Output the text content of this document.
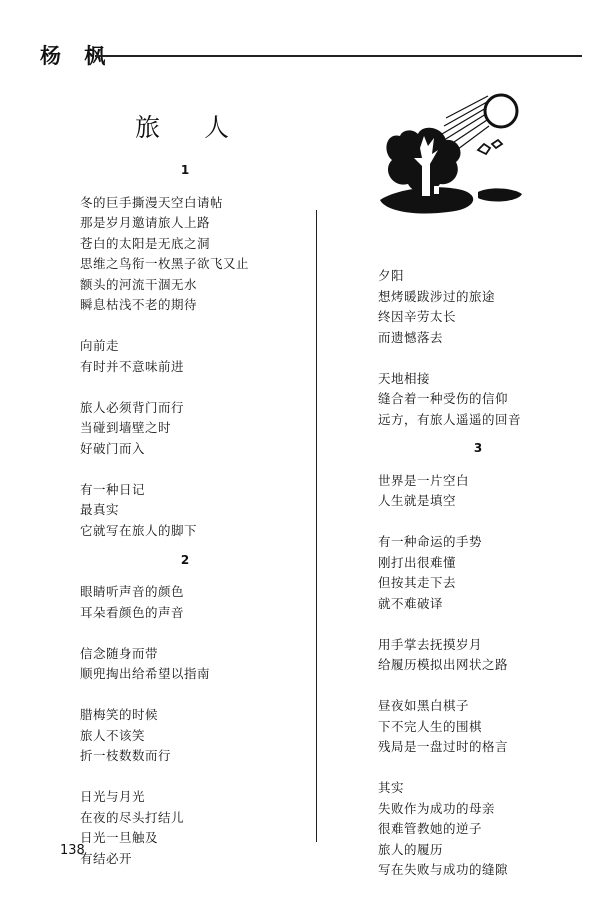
杨 枫
旅 人
1
冬的巨手撕漫天空白请帖
那是岁月邀请旅人上路
苍白的太阳是无底之洞
思维之鸟衔一枚黑子欲飞又止
额头的河流干涸无水
瞬息枯浅不老的期待
向前走
有时并不意味前进
旅人必须背门而行
当碰到墙壁之时
好破门而入
有一种日记
最真实
它就写在旅人的脚下
2
眼睛听声音的颜色
耳朵看颜色的声音
信念随身而带
顺兜掏出给希望以指南
腊梅笑的时候
旅人不该笑
折一枝数数而行
日光与月光
在夜的尽头打结儿
日光一旦触及
有结必开
夕阳
想烤暖跋涉过的旅途
终因辛劳太长
而遗憾落去
天地相接
缝合着一种受伤的信仰
远方，有旅人遥遥的回音
3
世界是一片空白
人生就是填空
有一种命运的手势
刚打出很难懂
但按其走下去
就不难破译
用手掌去抚摸岁月
给履历模拟出网状之路
昼夜如黑白棋子
下不完人生的围棋
残局是一盘过时的格言
其实
失败作为成功的母亲
很难管教她的逆子
旅人的履历
写在失败与成功的缝隙
138
